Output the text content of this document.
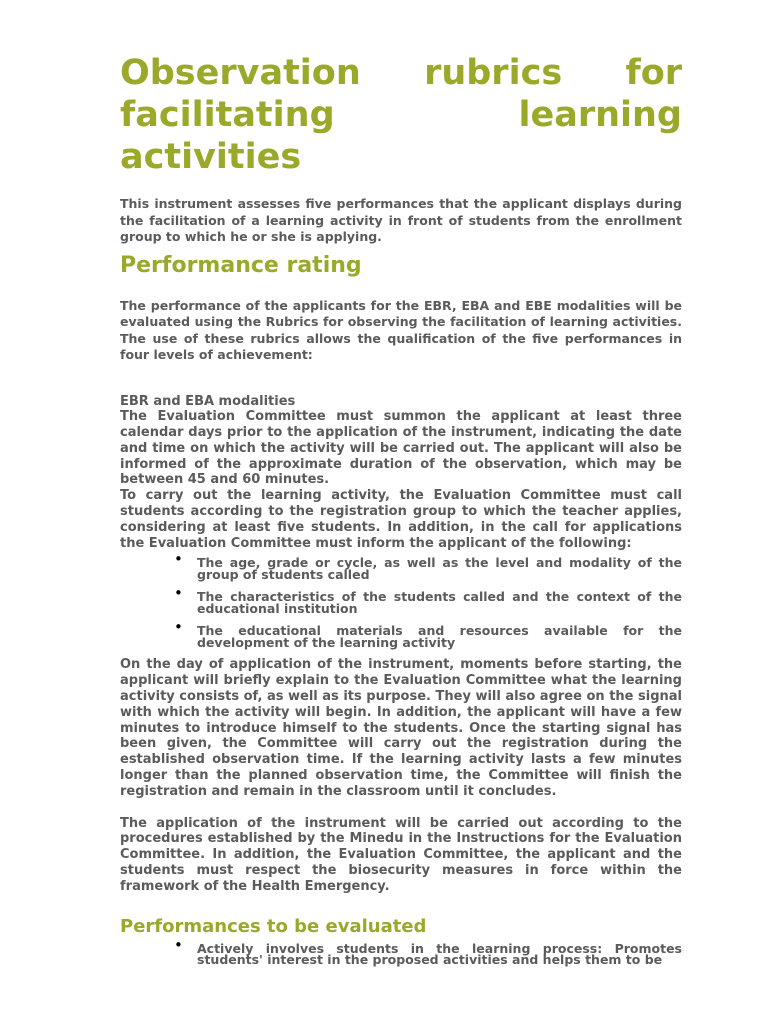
Observation rubrics for
facilitating learning
activities

This instrument assesses five performances that the applicant displays during the facilitation of a learning activity in front of students from the enrollment group to which he or she is applying.

Performance rating

The performance of the applicants for the EBR, EBA and EBE modalities will be evaluated using the Rubrics for observing the facilitation of learning activities. The use of these rubrics allows the qualification of the five performances in four levels of achievement:

EBR and EBA modalities

The Evaluation Committee must summon the applicant at least three calendar days prior to the application of the instrument, indicating the date and time on which the activity will be carried out. The applicant will also be informed of the approximate duration of the observation, which may be between 45 and 60 minutes.

To carry out the learning activity, the Evaluation Committee must call students according to the registration group to which the teacher applies, considering at least five students. In addition, in the call for applications the Evaluation Committee must inform the applicant of the following:

• The age, grade or cycle, as well as the level and modality of the group of students called
• The characteristics of the students called and the context of the educational institution
• The educational materials and resources available for the development of the learning activity

On the day of application of the instrument, moments before starting, the applicant will briefly explain to the Evaluation Committee what the learning activity consists of, as well as its purpose. They will also agree on the signal with which the activity will begin. In addition, the applicant will have a few minutes to introduce himself to the students. Once the starting signal has been given, the Committee will carry out the registration during the established observation time. If the learning activity lasts a few minutes longer than the planned observation time, the Committee will finish the registration and remain in the classroom until it concludes.

The application of the instrument will be carried out according to the procedures established by the Minedu in the Instructions for the Evaluation Committee. In addition, the Evaluation Committee, the applicant and the students must respect the biosecurity measures in force within the framework of the Health Emergency.

Performances to be evaluated
• Actively involves students in the learning process: Promotes students' interest in the proposed activities and helps them to be
